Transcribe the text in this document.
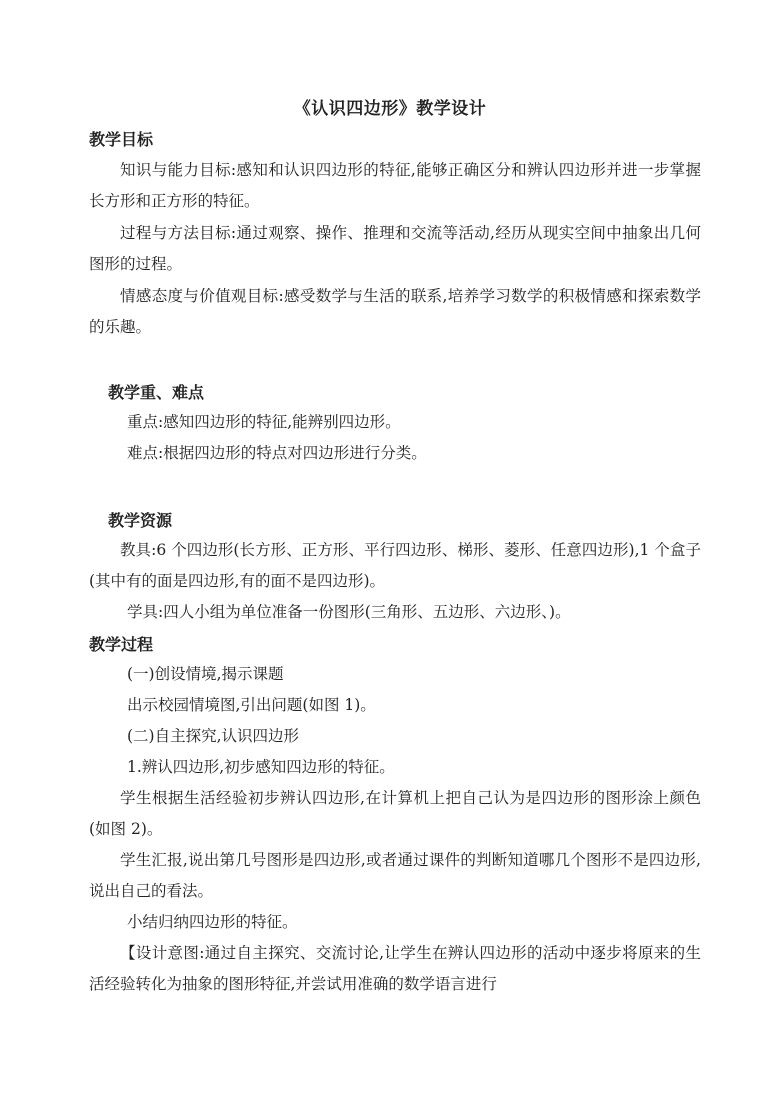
《认识四边形》教学设计
教学目标
知识与能力目标:感知和认识四边形的特征,能够正确区分和辨认四边形并进一步掌握长方形和正方形的特征。
过程与方法目标:通过观察、操作、推理和交流等活动,经历从现实空间中抽象出几何图形的过程。
情感态度与价值观目标:感受数学与生活的联系,培养学习数学的积极情感和探索数学的乐趣。
教学重、难点
重点:感知四边形的特征,能辨别四边形。
难点:根据四边形的特点对四边形进行分类。
教学资源
教具:6 个四边形(长方形、正方形、平行四边形、梯形、菱形、任意四边形),1 个盒子(其中有的面是四边形,有的面不是四边形)。
学具:四人小组为单位准备一份图形(三角形、五边形、六边形、)。
教学过程
(一)创设情境,揭示课题
出示校园情境图,引出问题(如图 1)。
(二)自主探究,认识四边形
1.辨认四边形,初步感知四边形的特征。
学生根据生活经验初步辨认四边形,在计算机上把自己认为是四边形的图形涂上颜色(如图 2)。
学生汇报,说出第几号图形是四边形,或者通过课件的判断知道哪几个图形不是四边形,说出自己的看法。
小结归纳四边形的特征。
【设计意图:通过自主探究、交流讨论,让学生在辨认四边形的活动中逐步将原来的生活经验转化为抽象的图形特征,并尝试用准确的数学语言进行
